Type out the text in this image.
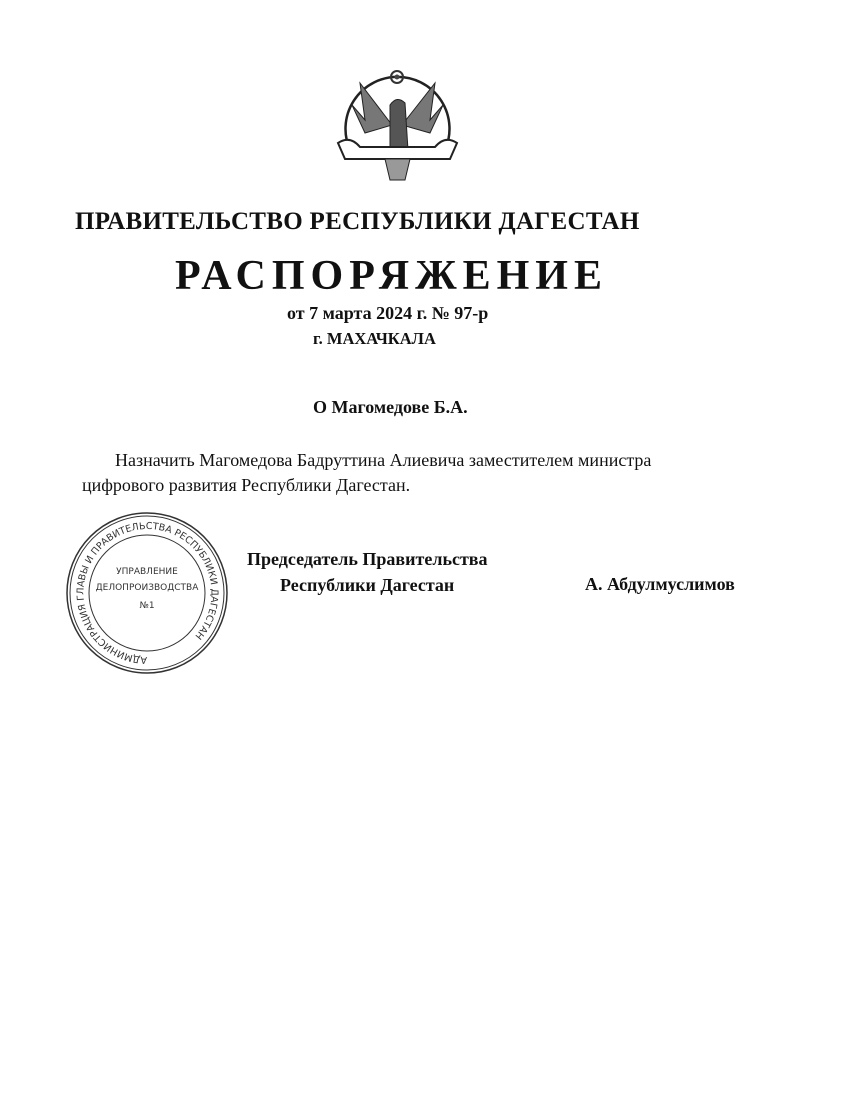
ПРАВИТЕЛЬСТВО РЕСПУБЛИКИ ДАГЕСТАН
РАСПОРЯЖЕНИЕ
от 7 марта 2024 г. № 97-р
г. МАХАЧКАЛА
О Магомедове Б.А.
Назначить Магомедова Бадруттина Алиевича заместителем министра
цифрового развития Республики Дагестан.
АДМИНИСТРАЦИЯ ГЛАВЫ И ПРАВИТЕЛЬСТВА РЕСПУБЛИКИ ДАГЕСТАН
УПРАВЛЕНИЕ
ДЕЛОПРОИЗВОДСТВА
№1
Председатель Правительства
Республики Дагестан	А. Абдулмуслимов
